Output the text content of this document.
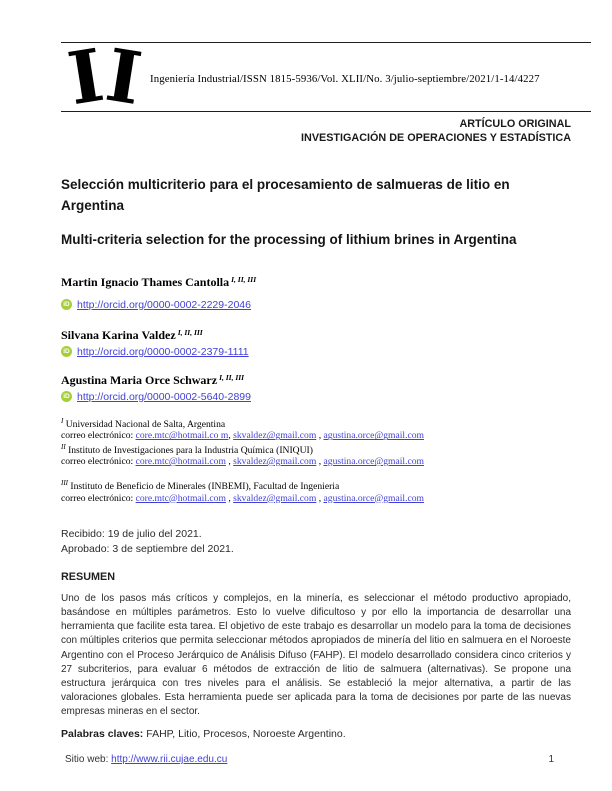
I
I Ingeniería Industrial/ISSN 1815-5936/Vol. XLII/No. 3/julio-septiembre/2021/1-14/4227
ARTÍCULO ORIGINAL
INVESTIGACIÓN DE OPERACIONES Y ESTADÍSTICA
Selección multicriterio para el procesamiento de salmueras de litio en Argentina
Multi-criteria selection for the processing of lithium brines in Argentina
Martin Ignacio Thames Cantolla $^{I, II, III}$
iD http://orcid.org/0000-0002-2229-2046
Silvana Karina Valdez $^{I, II, III}$
iD http://orcid.org/0000-0002-2379-1111
Agustina Maria Orce Schwarz $^{I, II, III}$
iD http://orcid.org/0000-0002-5640-2899
$^I$ Universidad Nacional de Salta, Argentina
correo electrónico: core.mtc@hotmail.co m, skvaldez@gmail.com , agustina.orce@gmail.com
$^{II}$ Instituto de Investigaciones para la Industria Química (INIQUI)
correo electrónico: core.mtc@hotmail.com , skvaldez@gmail.com , agustina.orce@gmail.com
$^{III}$ Instituto de Beneficio de Minerales (INBEMI), Facultad de Ingenieria
correo electrónico: core.mtc@hotmail.com , skvaldez@gmail.com , agustina.orce@gmail.com
Recibido: 19 de julio del 2021.
Aprobado: 3 de septiembre del 2021.
RESUMEN
Uno de los pasos más críticos y complejos, en la minería, es seleccionar el método productivo apropiado, basándose en múltiples parámetros. Esto lo vuelve dificultoso y por ello la importancia de desarrollar una herramienta que facilite esta tarea. El objetivo de este trabajo es desarrollar un modelo para la toma de decisiones con múltiples criterios que permita seleccionar métodos apropiados de minería del litio en salmuera en el Noroeste Argentino con el Proceso Jerárquico de Análisis Difuso (FAHP). El modelo desarrollado considera cinco criterios y 27 subcriterios, para evaluar 6 métodos de extracción de litio de salmuera (alternativas). Se propone una estructura jerárquica con tres niveles para el análisis. Se estableció la mejor alternativa, a partir de las valoraciones globales. Esta herramienta puede ser aplicada para la toma de decisiones por parte de las nuevas empresas mineras en el sector.
Palabras claves: FAHP, Litio, Procesos, Noroeste Argentino.
Sitio web: http://www.rii.cujae.edu.cu	1
